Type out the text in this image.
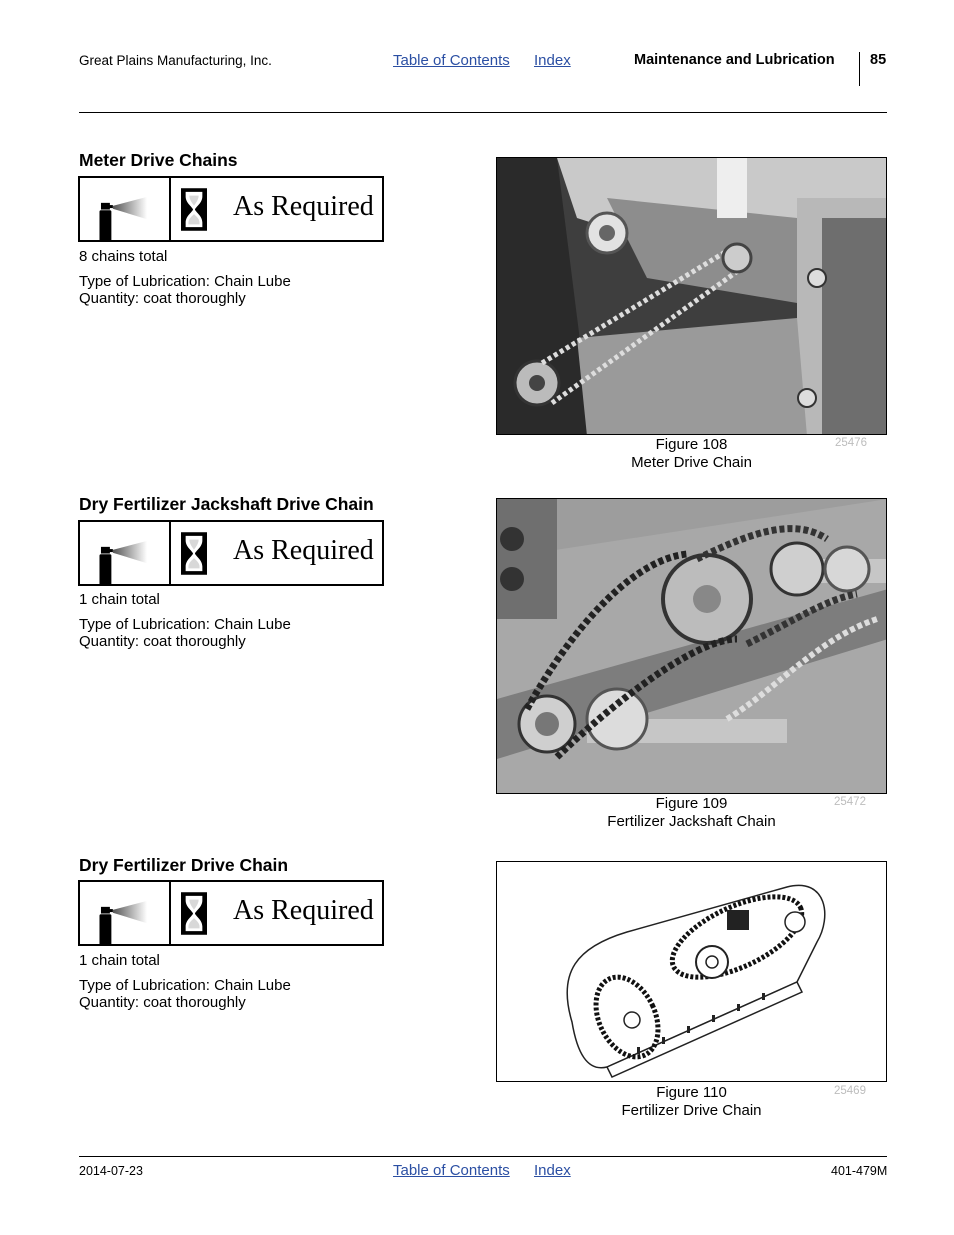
Great Plains Manufacturing, Inc.	Table of Contents Index	Maintenance and Lubrication 85
Meter Drive Chains
As Required
8 chains total
Type of Lubrication: Chain Lube
Quantity: coat thoroughly
Figure 108
Meter Drive Chain
25476
Dry Fertilizer Jackshaft Drive Chain
As Required
1 chain total
Type of Lubrication: Chain Lube
Quantity: coat thoroughly
Figure 109
Fertilizer Jackshaft Chain
25472
Dry Fertilizer Drive Chain
As Required
1 chain total
Type of Lubrication: Chain Lube
Quantity: coat thoroughly
Figure 110
Fertilizer Drive Chain
25469
2014-07-23	Table of Contents Index	401-479M
